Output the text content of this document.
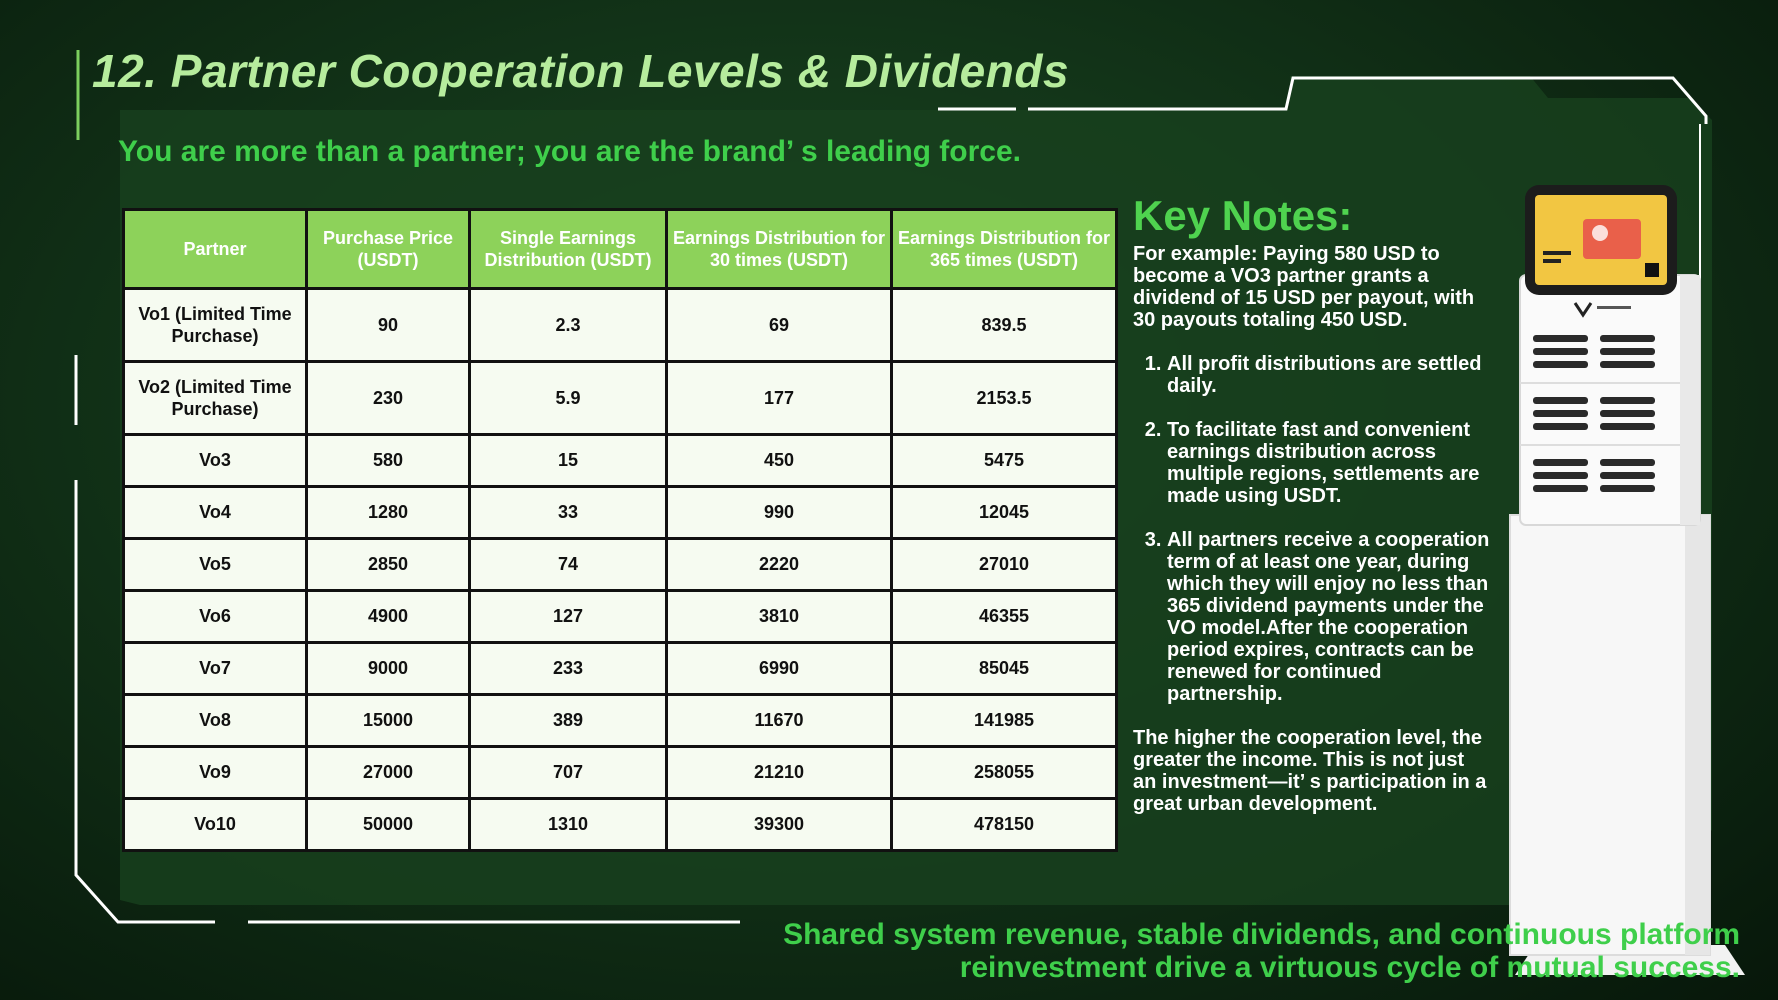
12. Partner Cooperation Levels & Dividends

You are more than a partner; you are the brand’ s leading force.

Partner	Purchase Price (USDT)	Single Earnings Distribution (USDT)	Earnings Distribution for 30 times (USDT)	Earnings Distribution for 365 times (USDT)
Vo1 (Limited Time Purchase)	90	2.3	69	839.5
Vo2 (Limited Time Purchase)	230	5.9	177	2153.5
Vo3	580	15	450	5475
Vo4	1280	33	990	12045
Vo5	2850	74	2220	27010
Vo6	4900	127	3810	46355
Vo7	9000	233	6990	85045
Vo8	15000	389	11670	141985
Vo9	27000	707	21210	258055
Vo10	50000	1310	39300	478150
Key Notes:

For example: Paying 580 USD to become a VO3 partner grants a dividend of 15 USD per payout, with 30 payouts totaling 450 USD.

1. All profit distributions are settled daily.
2. To facilitate fast and convenient earnings distribution across multiple regions, settlements are made using USDT.
3. All partners receive a cooperation term of at least one year, during which they will enjoy no less than 365 dividend payments under the VO model.After the cooperation period expires, contracts can be renewed for continued partnership.

The higher the cooperation level, the greater the income. This is not just an investment—it’ s participation in a great urban development.

Shared system revenue, stable dividends, and continuous platform
reinvestment drive a virtuous cycle of mutual success.
